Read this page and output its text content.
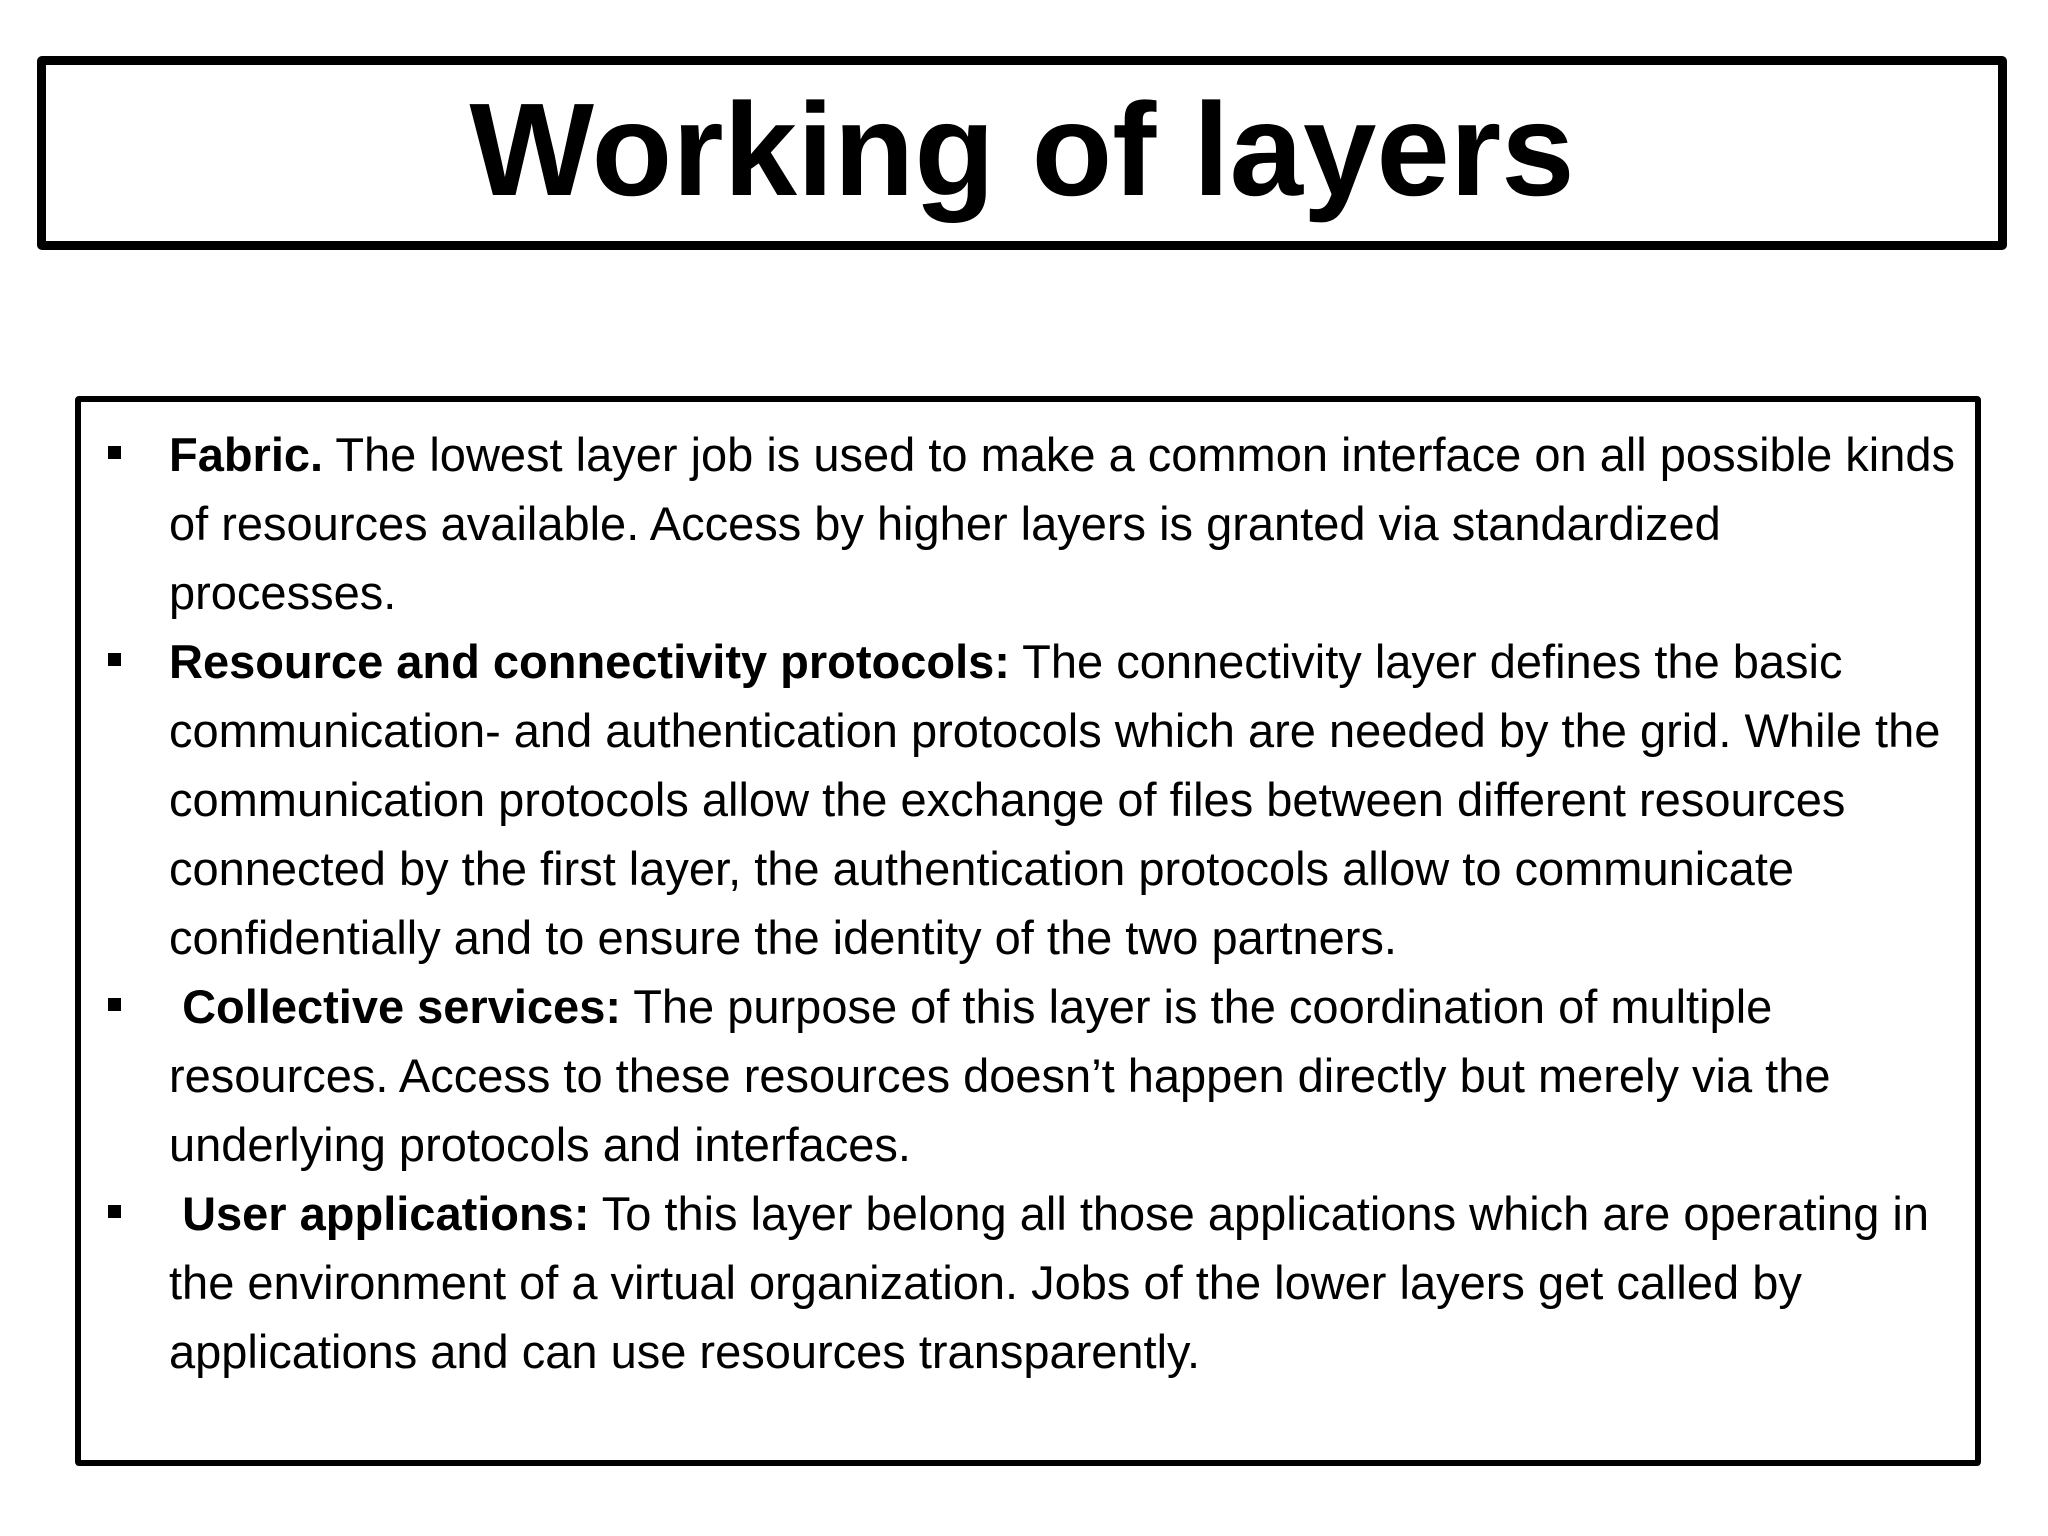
Working of layers
Fabric. The lowest layer job is used to make a common interface on all possible kinds of resources available. Access by higher layers is granted via standardized processes.
Resource and connectivity protocols: The connectivity layer defines the basic communication- and authentication protocols which are needed by the grid. While the communication protocols allow the exchange of files between different resources connected by the first layer, the authentication protocols allow to communicate confidentially and to ensure the identity of the two partners.
Collective services: The purpose of this layer is the coordination of multiple resources. Access to these resources doesn’t happen directly but merely via the underlying protocols and interfaces.
User applications: To this layer belong all those applications which are operating in the environment of a virtual organization. Jobs of the lower layers get called by applications and can use resources transparently.
